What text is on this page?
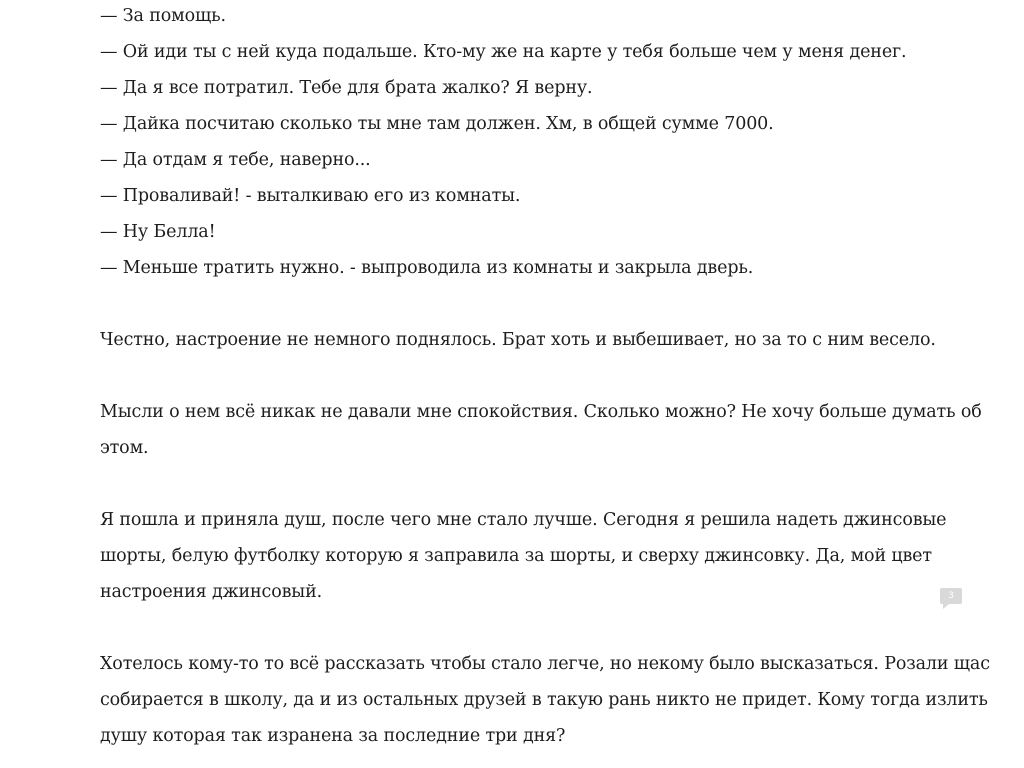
— За помощь.
— Ой иди ты с ней куда подальше. Кто-му же на карте у тебя больше чем у меня денег.
— Да я все потратил. Тебе для брата жалко? Я верну.
— Дайка посчитаю сколько ты мне там должен. Хм, в общей сумме 7000.
— Да отдам я тебе, наверно...
— Проваливай! - выталкиваю его из комнаты.
— Ну Белла!
— Меньше тратить нужно. - выпроводила из комнаты и закрыла дверь.

Честно, настроение не немного поднялось. Брат хоть и выбешивает, но за то с ним весело.

Мысли о нем всё никак не давали мне спокойствия. Сколько можно? Не хочу больше думать об
этом.

Я пошла и приняла душ, после чего мне стало лучше. Сегодня я решила надеть джинсовые
шорты, белую футболку которую я заправила за шорты, и сверху джинсовку. Да, мой цвет
настроения джинсовый.

Хотелось кому-то то всё рассказать чтобы стало легче, но некому было высказаться. Розали щас
собирается в школу, да и из остальных друзей в такую рань никто не придет. Кому тогда излить
душу которая так изранена за последние три дня?

3
